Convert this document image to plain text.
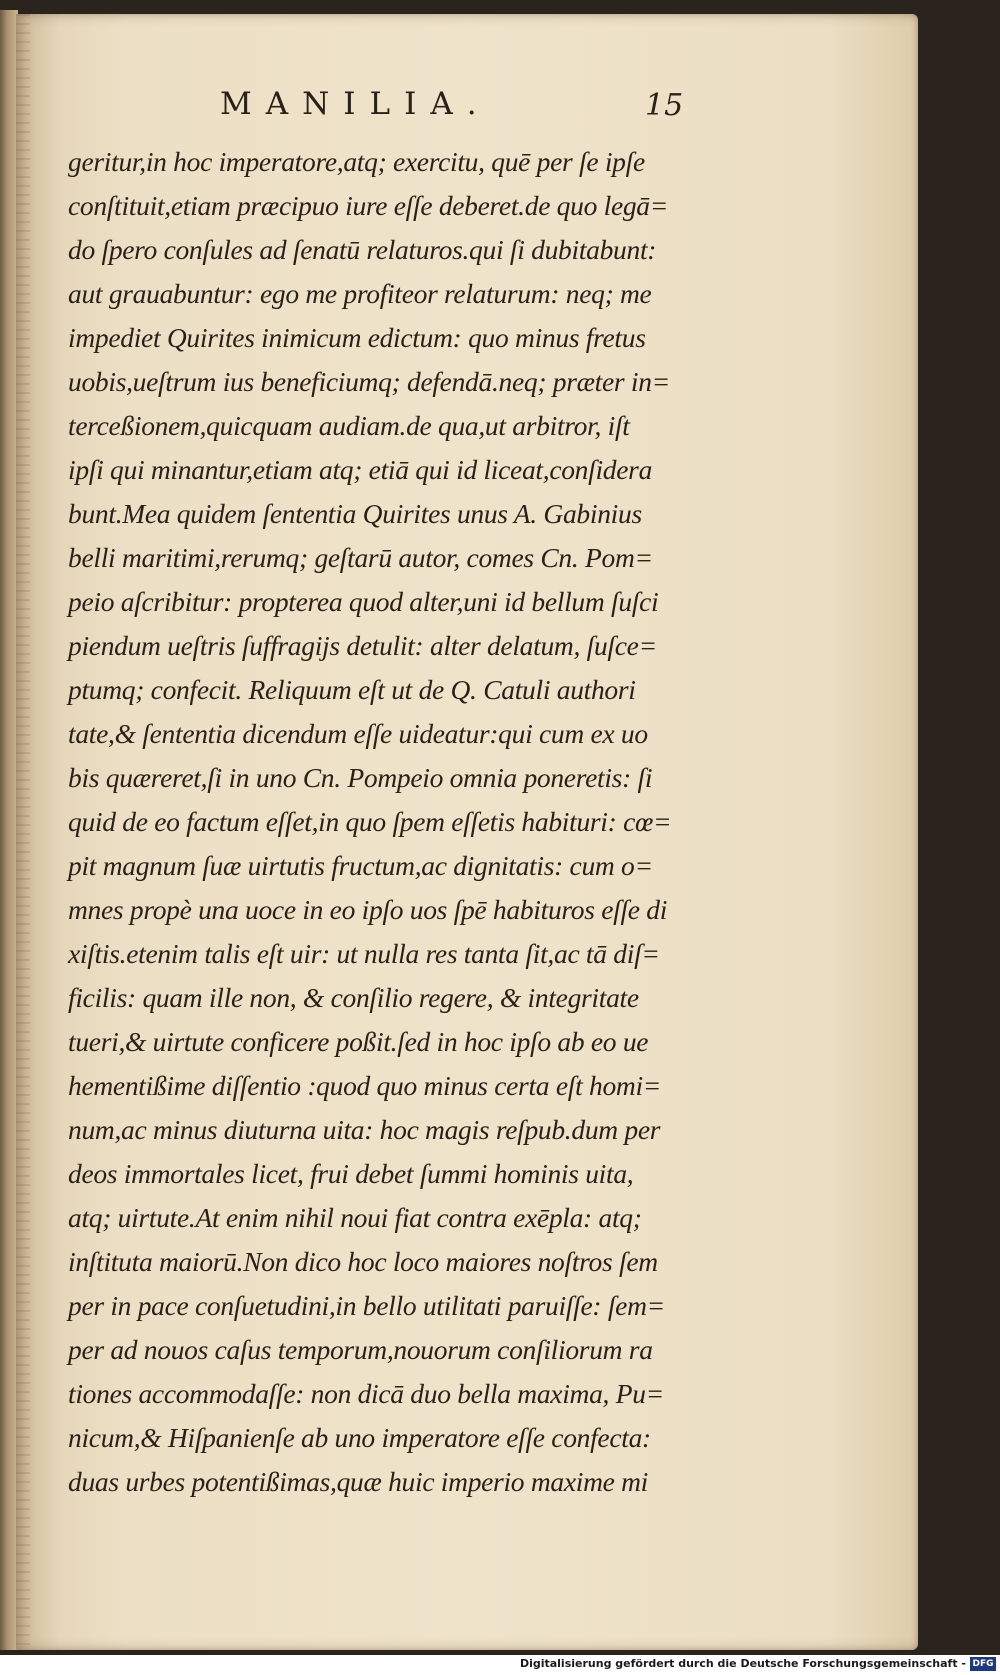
MANILIA.	15
geritur,in hoc imperatore,atq; exercitu, quē per ſe ipſe
conſtituit,etiam præcipuo iure eſſe deberet.de quo legā=
do ſpero conſules ad ſenatū relaturos.qui ſi dubitabunt:
aut grauabuntur: ego me profiteor relaturum: neq; me
impediet Quirites inimicum edictum: quo minus fretus
uobis,ueſtrum ius beneficiumq; defendā.neq; præter in=
terceßionem,quicquam audiam.de qua,ut arbitror, iſt
ipſi qui minantur,etiam atq; etiā qui id liceat,conſidera
bunt.Mea quidem ſententia Quirites unus A. Gabinius
belli maritimi,rerumq; geſtarū autor, comes Cn. Pom=
peio aſcribitur: propterea quod alter,uni id bellum ſuſci
piendum ueſtris ſuffragijs detulit: alter delatum, ſuſce=
ptumq; confecit. Reliquum eſt ut de Q. Catuli authori
tate,& ſententia dicendum eſſe uideatur:qui cum ex uo
bis quæreret,ſi in uno Cn. Pompeio omnia poneretis: ſi
quid de eo factum eſſet,in quo ſpem eſſetis habituri: cœ=
pit magnum ſuæ uirtutis fructum,ac dignitatis: cum o=
mnes propè una uoce in eo ipſo uos ſpē habituros eſſe di
xiſtis.etenim talis eſt uir: ut nulla res tanta ſit,ac tā diſ=
ficilis: quam ille non, & conſilio regere, & integritate
tueri,& uirtute conficere poßit.ſed in hoc ipſo ab eo ue
hementißime diſſentio :quod quo minus certa eſt homi=
num,ac minus diuturna uita: hoc magis reſpub.dum per
deos immortales licet, frui debet ſummi hominis uita,
atq; uirtute.At enim nihil noui fiat contra exēpla: atq;
inſtituta maiorū.Non dico hoc loco maiores noſtros ſem
per in pace conſuetudini,in bello utilitati paruiſſe: ſem=
per ad nouos caſus temporum,nouorum conſiliorum ra
tiones accommodaſſe: non dicā duo bella maxima, Pu=
nicum,& Hiſpanienſe ab uno imperatore eſſe confecta:
duas urbes potentißimas,quæ huic imperio maxime mi
Digitalisierung gefördert durch die Deutsche Forschungsgemeinschaft - DFG
